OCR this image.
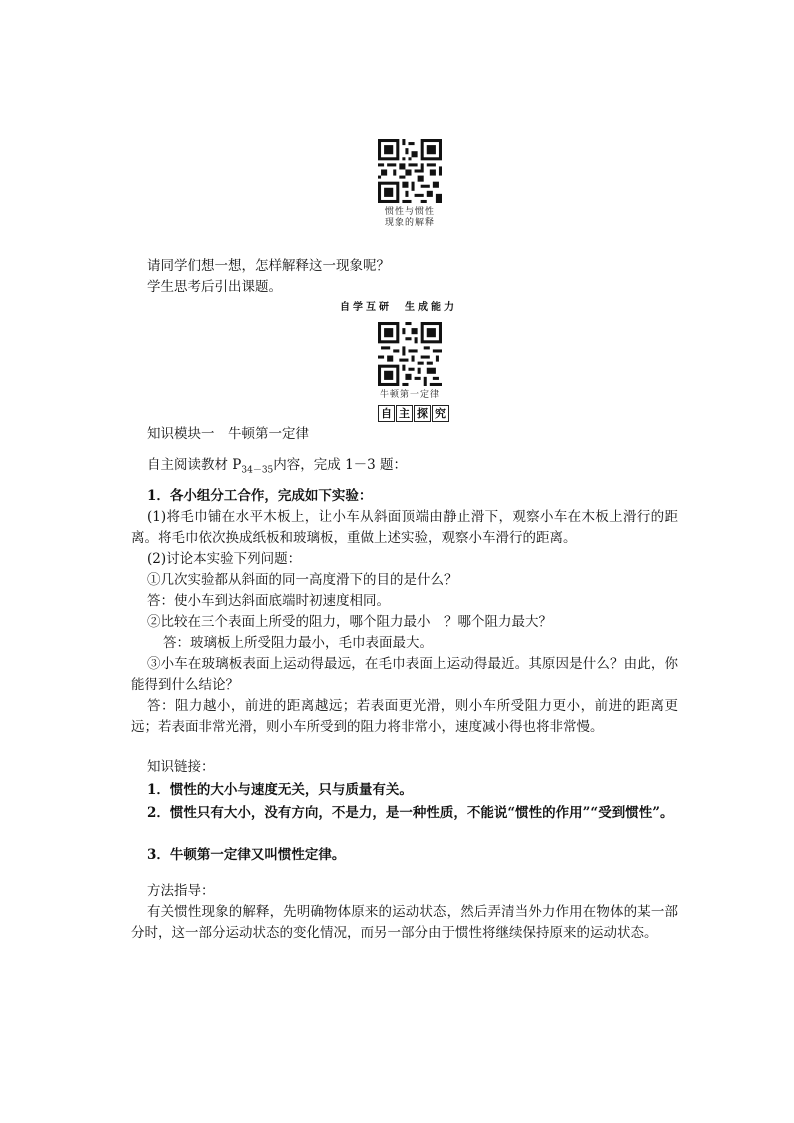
惯性与惯性
现象的解释
请同学们想一想，怎样解释这一现象呢？
学生思考后引出课题。
自学互研　生成能力
牛顿第一定律
自 主 探 究
知识模块一　牛顿第一定律
自主阅读教材 $P_{34-35}$内容，完成 1－3 题：
1．各小组分工合作，完成如下实验：
(1)将毛巾铺在水平木板上，让小车从斜面顶端由静止滑下，观察小车在木板上滑行的距离。将毛巾依次换成纸板和玻璃板，重做上述实验，观察小车滑行的距离。
(2)讨论本实验下列问题：
①几次实验都从斜面的同一高度滑下的目的是什么？
答：使小车到达斜面底端时初速度相同。
②比较在三个表面上所受的阻力，哪个阻力最小　？哪个阻力最大？
答：玻璃板上所受阻力最小，毛巾表面最大。
③小车在玻璃板表面上运动得最远，在毛巾表面上运动得最近。其原因是什么？由此，你能得到什么结论？
答：阻力越小，前进的距离越远；若表面更光滑，则小车所受阻力更小，前进的距离更远；若表面非常光滑，则小车所受到的阻力将非常小，速度减小得也将非常慢。
知识链接：
1．惯性的大小与速度无关，只与质量有关。
2．惯性只有大小，没有方向，不是力，是一种性质，不能说“惯性的作用”“受到惯性”。
3．牛顿第一定律又叫惯性定律。
方法指导：
有关惯性现象的解释，先明确物体原来的运动状态，然后弄清当外力作用在物体的某一部分时，这一部分运动状态的变化情况，而另一部分由于惯性将继续保持原来的运动状态。
